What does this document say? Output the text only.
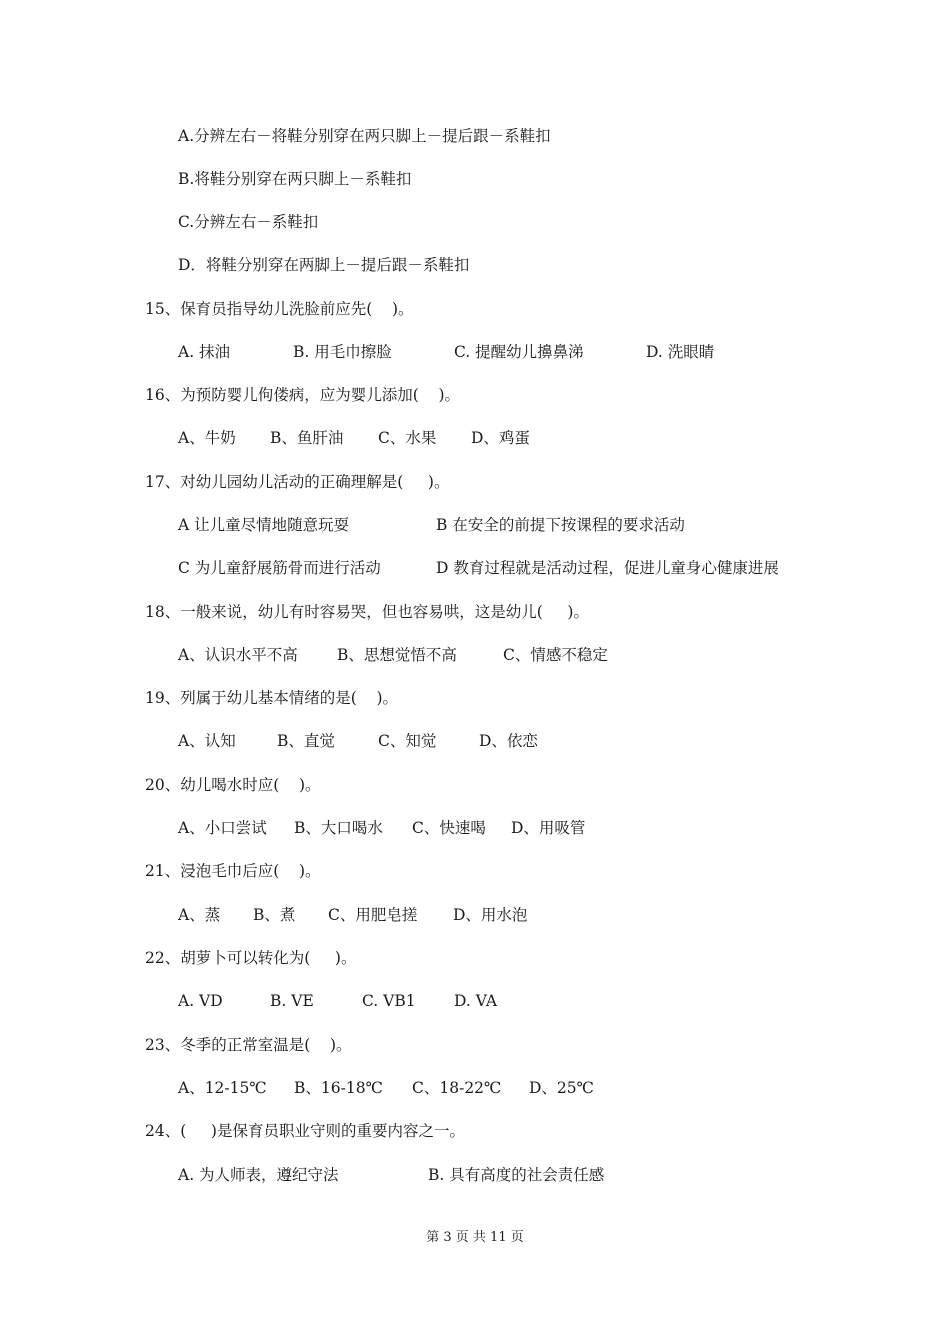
A.分辨左右－将鞋分别穿在两只脚上－提后跟－系鞋扣
B.将鞋分别穿在两只脚上－系鞋扣
C.分辨左右－系鞋扣
D．将鞋分别穿在两脚上－提后跟－系鞋扣
15、保育员指导幼儿洗脸前应先(    )。

A. 抹油

	B. 用毛巾擦脸

	C. 提醒幼儿擤鼻涕

	D. 洗眼睛

16、为预防婴儿佝偻病，应为婴儿添加(    )。

A、牛奶

B、鱼肝油

C、水果

D、鸡蛋

17、对幼儿园幼儿活动的正确理解是(     )。

A 让儿童尽情地随意玩耍

	B 在安全的前提下按课程的要求活动

C 为儿童舒展筋骨而进行活动

	D 教育过程就是活动过程，促进儿童身心健康进展

18、一般来说，幼儿有时容易哭，但也容易哄，这是幼儿(     )。

A、认识水平不高

	B、思想觉悟不高

	C、情感不稳定

19、列属于幼儿基本情绪的是(    )。

A、认知

	B、直觉

	C、知觉

	D、依恋

20、幼儿喝水时应(    )。

A、小口尝试

B、大口喝水

C、快速喝

D、用吸管

21、浸泡毛巾后应(    )。

A、蒸

B、煮

C、用肥皂搓

D、用水泡

22、胡萝卜可以转化为(     )。

A. VD

	B. VE

	C. VB1

D. VA

23、冬季的正常室温是(    )。

A、12-15℃

B、16-18℃

C、18-22℃

D、25℃

24、(     )是保育员职业守则的重要内容之一。

A. 为人师表，遵纪守法

	B. 具有高度的社会责任感

第 3 页 共 11 页
